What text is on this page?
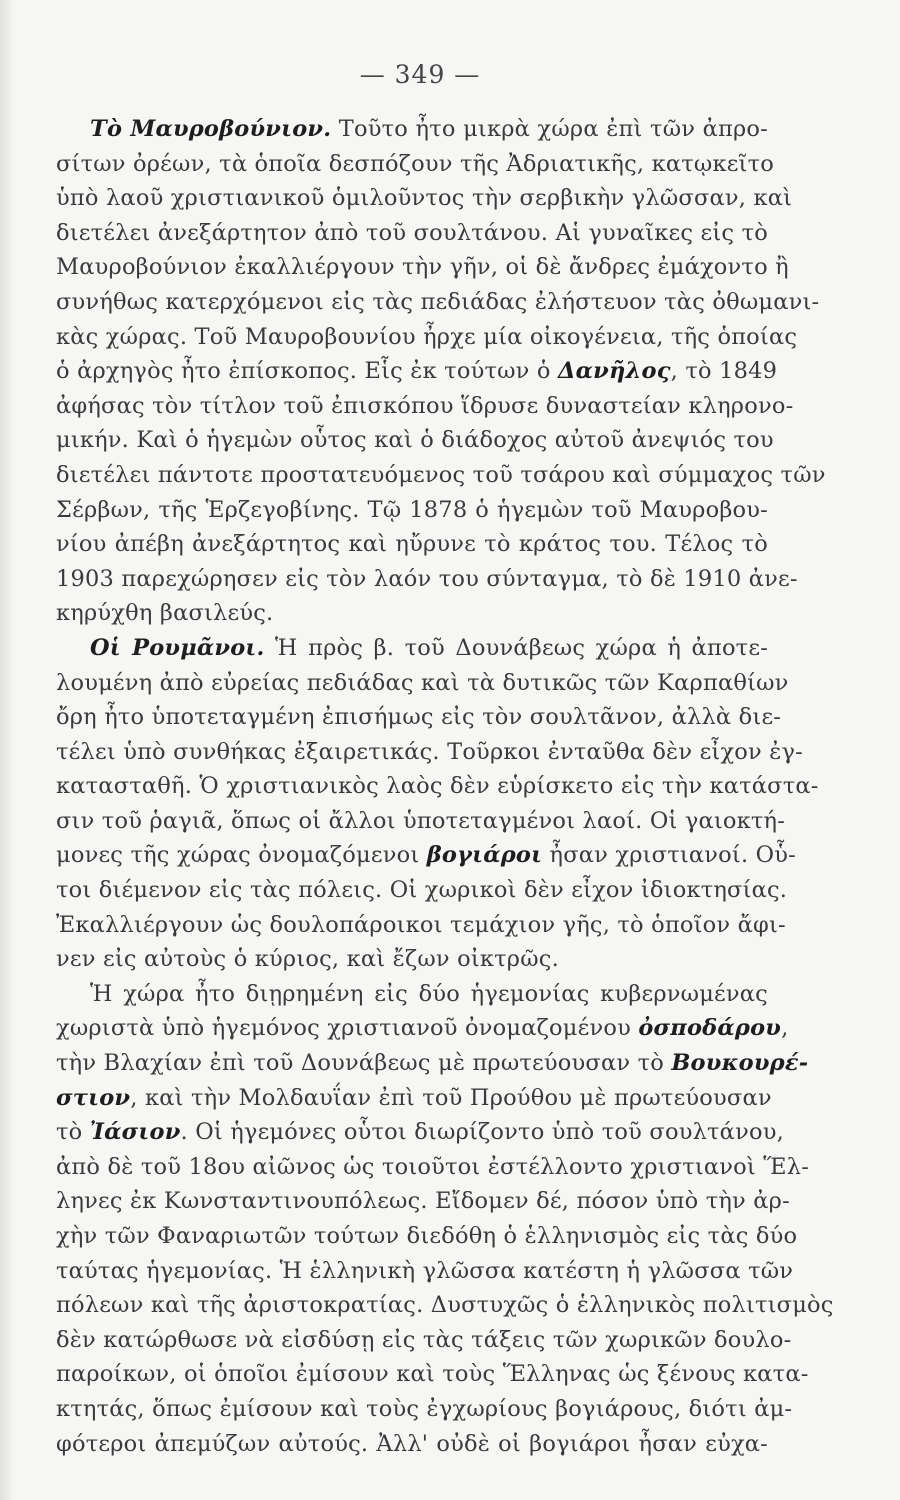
— 349 —
Τὸ Μαυροβούνιον. Τοῦτο ἦτο μικρὰ χώρα ἐπὶ τῶν ἀπρο-
σίτων ὀρέων, τὰ ὁποῖα δεσπόζουν τῆς Ἀδριατικῆς, κατῳκεῖτο
ὑπὸ λαοῦ χριστιανικοῦ ὁμιλοῦντος τὴν σερβικὴν γλῶσσαν, καὶ
διετέλει ἀνεξάρτητον ἀπὸ τοῦ σουλτάνου. Αἱ γυναῖκες εἰς τὸ
Μαυροβούνιον ἐκαλλιέργουν τὴν γῆν, οἱ δὲ ἄνδρες ἐμάχοντο ἢ
συνήθως κατερχόμενοι εἰς τὰς πεδιάδας ἐλήστευον τὰς ὀθωμανι-
κὰς χώρας. Τοῦ Μαυροβουνίου ἦρχε μία οἰκογένεια, τῆς ὁποίας
ὁ ἀρχηγὸς ἦτο ἐπίσκοπος. Εἷς ἐκ τούτων ὁ Δανῆλος, τὸ 1849
ἀφήσας τὸν τίτλον τοῦ ἐπισκόπου ἵδρυσε δυναστείαν κληρονο-
μικήν. Καὶ ὁ ἡγεμὼν οὗτος καὶ ὁ διάδοχος αὐτοῦ ἀνεψιός του
διετέλει πάντοτε προστατευόμενος τοῦ τσάρου καὶ σύμμαχος τῶν
Σέρβων, τῆς Ἑρζεγοβίνης. Τῷ 1878 ὁ ἡγεμὼν τοῦ Μαυροβου-
νίου ἀπέβη ἀνεξάρτητος καὶ ηὔρυνε τὸ κράτος του. Τέλος τὸ
1903 παρεχώρησεν εἰς τὸν λαόν του σύνταγμα, τὸ δὲ 1910 ἀνε-
κηρύχθη βασιλεύς.
Οἱ Ρουμᾶνοι. Ἡ πρὸς β. τοῦ Δουνάβεως χώρα ἡ ἀποτε-
λουμένη ἀπὸ εὐρείας πεδιάδας καὶ τὰ δυτικῶς τῶν Καρπαθίων
ὄρη ἦτο ὑποτεταγμένη ἐπισήμως εἰς τὸν σουλτᾶνον, ἀλλὰ διε-
τέλει ὑπὸ συνθήκας ἐξαιρετικάς. Τοῦρκοι ἐνταῦθα δὲν εἶχον ἐγ-
κατασταθῆ. Ὁ χριστιανικὸς λαὸς δὲν εὑρίσκετο εἰς τὴν κατάστα-
σιν τοῦ ῥαγιᾶ, ὅπως οἱ ἄλλοι ὑποτεταγμένοι λαοί. Οἱ γαιοκτή-
μονες τῆς χώρας ὀνομαζόμενοι βογιάροι ἦσαν χριστιανοί. Οὗ-
τοι διέμενον εἰς τὰς πόλεις. Οἱ χωρικοὶ δὲν εἶχον ἰδιοκτησίας.
Ἐκαλλιέργουν ὡς δουλοπάροικοι τεμάχιον γῆς, τὸ ὁποῖον ἄφι-
νεν εἰς αὐτοὺς ὁ κύριος, καὶ ἔζων οἰκτρῶς.
Ἡ χώρα ἦτο διῃρημένη εἰς δύο ἡγεμονίας κυβερνωμένας
χωριστὰ ὑπὸ ἡγεμόνος χριστιανοῦ ὀνομαζομένου ὀσποδάρου,
τὴν Βλαχίαν ἐπὶ τοῦ Δουνάβεως μὲ πρωτεύουσαν τὸ Βουκουρέ-
στιον, καὶ τὴν Μολδαυΐαν ἐπὶ τοῦ Προύθου μὲ πρωτεύουσαν
τὸ Ἰάσιον. Οἱ ἡγεμόνες οὗτοι διωρίζοντο ὑπὸ τοῦ σουλτάνου,
ἀπὸ δὲ τοῦ 18ου αἰῶνος ὡς τοιοῦτοι ἐστέλλοντο χριστιανοὶ Ἕλ-
ληνες ἐκ Κωνσταντινουπόλεως. Εἴδομεν δέ, πόσον ὑπὸ τὴν ἀρ-
χὴν τῶν Φαναριωτῶν τούτων διεδόθη ὁ ἑλληνισμὸς εἰς τὰς δύο
ταύτας ἡγεμονίας. Ἡ ἑλληνικὴ γλῶσσα κατέστη ἡ γλῶσσα τῶν
πόλεων καὶ τῆς ἀριστοκρατίας. Δυστυχῶς ὁ ἑλληνικὸς πολιτισμὸς
δὲν κατώρθωσε νὰ εἰσδύσῃ εἰς τὰς τάξεις τῶν χωρικῶν δουλο-
παροίκων, οἱ ὁποῖοι ἐμίσουν καὶ τοὺς Ἕλληνας ὡς ξένους κατα-
κτητάς, ὅπως ἐμίσουν καὶ τοὺς ἐγχωρίους βογιάρους, διότι ἀμ-
φότεροι ἀπεμύζων αὐτούς. Ἀλλ' οὐδὲ οἱ βογιάροι ἦσαν εὐχα-
